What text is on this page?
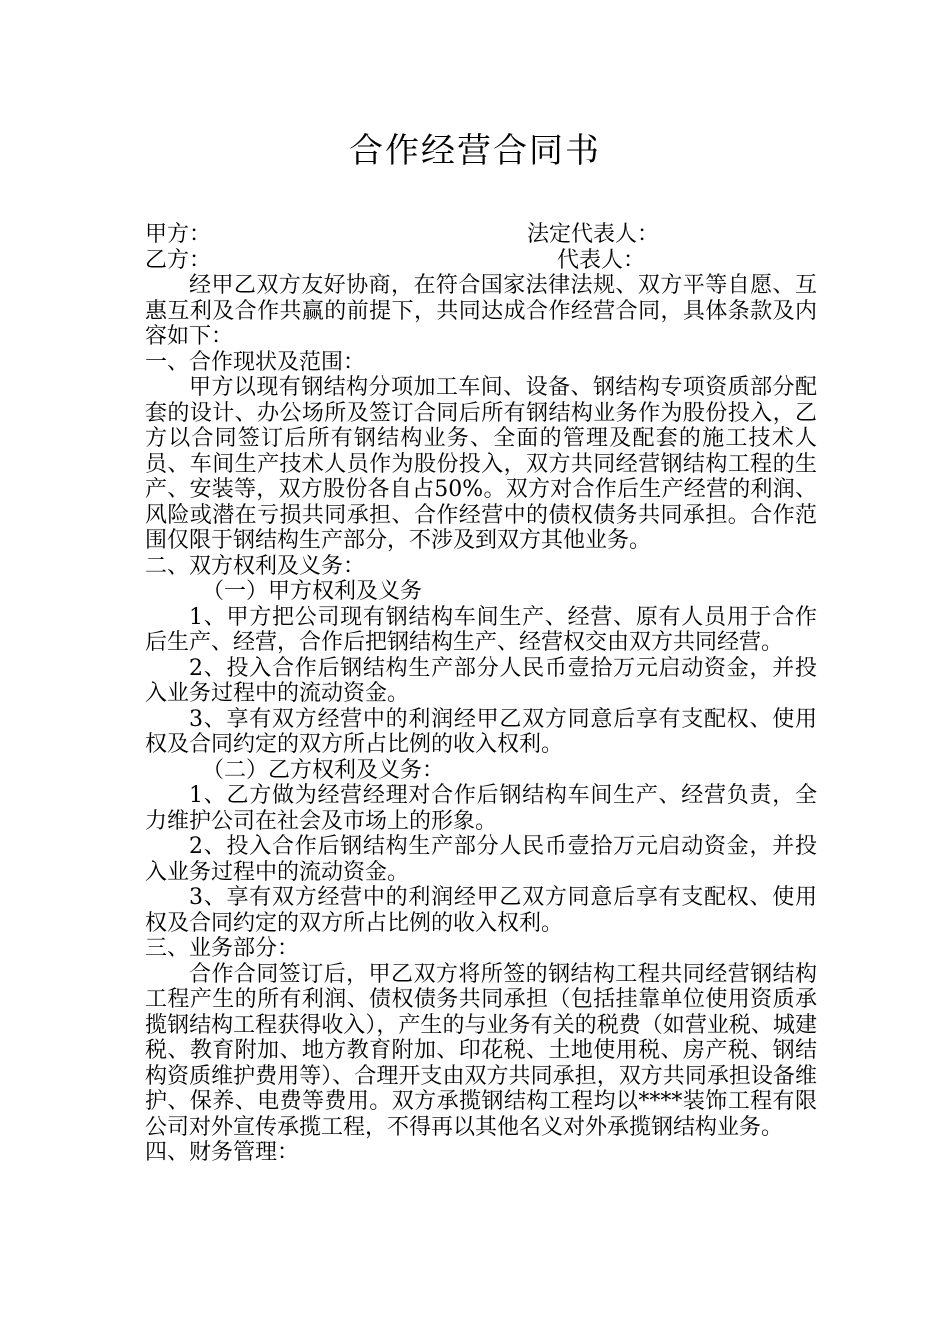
合作经营合同书
甲方：	法定代表人：
乙方：	代表人：

经甲乙双方友好协商，在符合国家法律法规、双方平等自愿、互惠互利及合作共赢的前提下，共同达成合作经营合同，具体条款及内容如下：

一、合作现状及范围：

甲方以现有钢结构分项加工车间、设备、钢结构专项资质部分配套的设计、办公场所及签订合同后所有钢结构业务作为股份投入，乙方以合同签订后所有钢结构业务、全面的管理及配套的施工技术人员、车间生产技术人员作为股份投入，双方共同经营钢结构工程的生产、安装等，双方股份各自占50%。双方对合作后生产经营的利润、风险或潜在亏损共同承担、合作经营中的债权债务共同承担。合作范围仅限于钢结构生产部分，不涉及到双方其他业务。

二、双方权利及义务：

（一）甲方权利及义务

1、甲方把公司现有钢结构车间生产、经营、原有人员用于合作后生产、经营，合作后把钢结构生产、经营权交由双方共同经营。

2、投入合作后钢结构生产部分人民币壹拾万元启动资金，并投入业务过程中的流动资金。

3、享有双方经营中的利润经甲乙双方同意后享有支配权、使用权及合同约定的双方所占比例的收入权利。

（二）乙方权利及义务：

1、乙方做为经营经理对合作后钢结构车间生产、经营负责，全力维护公司在社会及市场上的形象。

2、投入合作后钢结构生产部分人民币壹拾万元启动资金，并投入业务过程中的流动资金。

3、享有双方经营中的利润经甲乙双方同意后享有支配权、使用权及合同约定的双方所占比例的收入权利。

三、业务部分：

合作合同签订后，甲乙双方将所签的钢结构工程共同经营钢结构工程产生的所有利润、债权债务共同承担（包括挂靠单位使用资质承揽钢结构工程获得收入），产生的与业务有关的税费（如营业税、城建税、教育附加、地方教育附加、印花税、土地使用税、房产税、钢结构资质维护费用等）、合理开支由双方共同承担，双方共同承担设备维护、保养、电费等费用。双方承揽钢结构工程均以****装饰工程有限公司对外宣传承揽工程，不得再以其他名义对外承揽钢结构业务。

四、财务管理：
